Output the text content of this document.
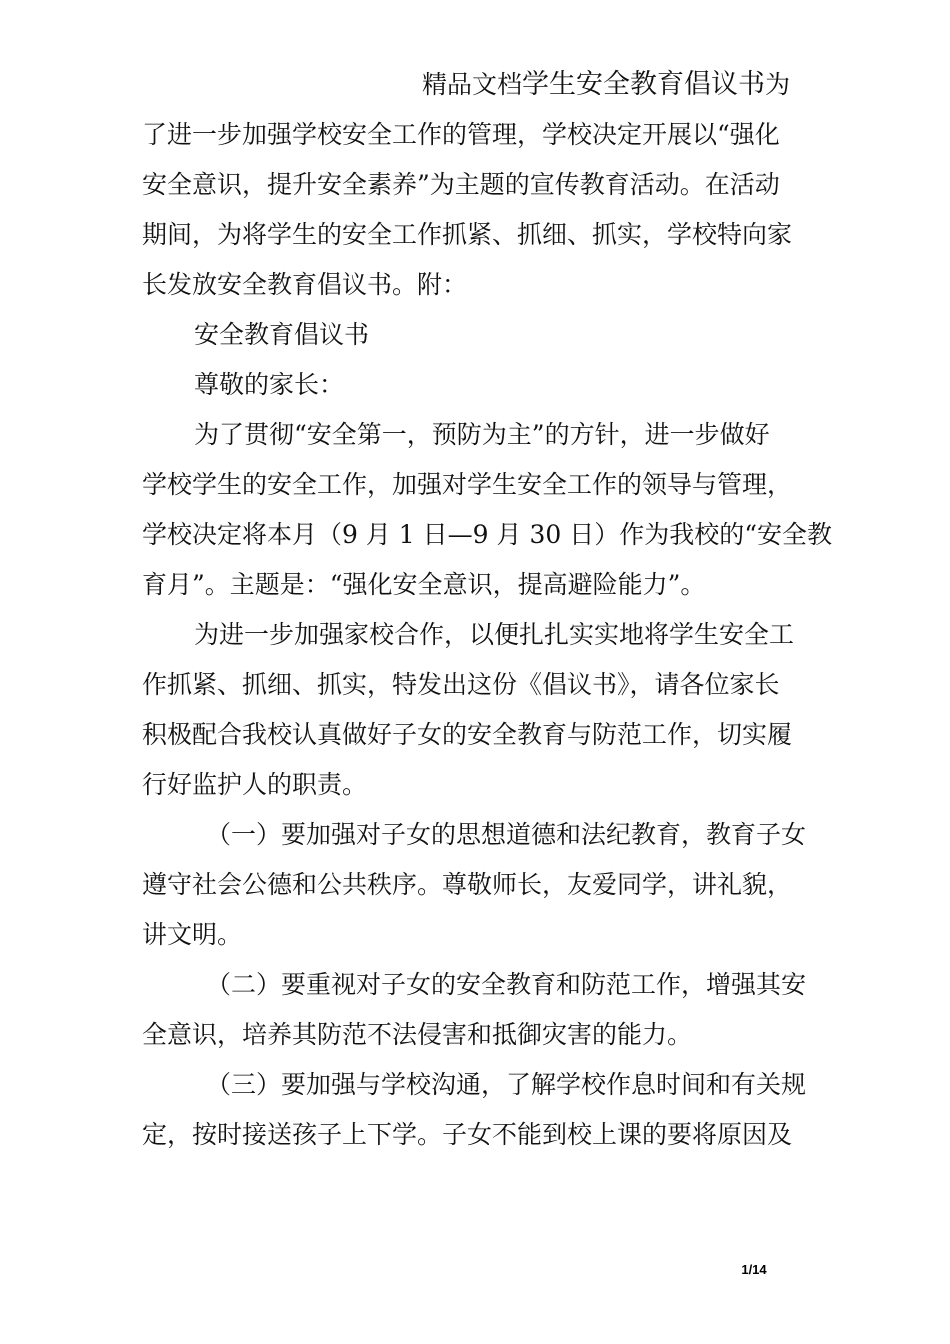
精品文档学生安全教育倡议书为
了进一步加强学校安全工作的管理，学校决定开展以“强化
安全意识，提升安全素养”为主题的宣传教育活动。在活动
期间，为将学生的安全工作抓紧、抓细、抓实，学校特向家
长发放安全教育倡议书。附：
安全教育倡议书
尊敬的家长：
为了贯彻“安全第一，预防为主”的方针，进一步做好
学校学生的安全工作，加强对学生安全工作的领导与管理，
学校决定将本月（9 月 1 日—9 月 30 日）作为我校的“安全教
育月”。主题是：“强化安全意识，提高避险能力”。
为进一步加强家校合作，以便扎扎实实地将学生安全工
作抓紧、抓细、抓实，特发出这份《倡议书》，请各位家长
积极配合我校认真做好子女的安全教育与防范工作，切实履
行好监护人的职责。
（一）要加强对子女的思想道德和法纪教育，教育子女
遵守社会公德和公共秩序。尊敬师长，友爱同学，讲礼貌，
讲文明。
（二）要重视对子女的安全教育和防范工作，增强其安
全意识，培养其防范不法侵害和抵御灾害的能力。
（三）要加强与学校沟通，了解学校作息时间和有关规
定，按时接送孩子上下学。子女不能到校上课的要将原因及
1/14
